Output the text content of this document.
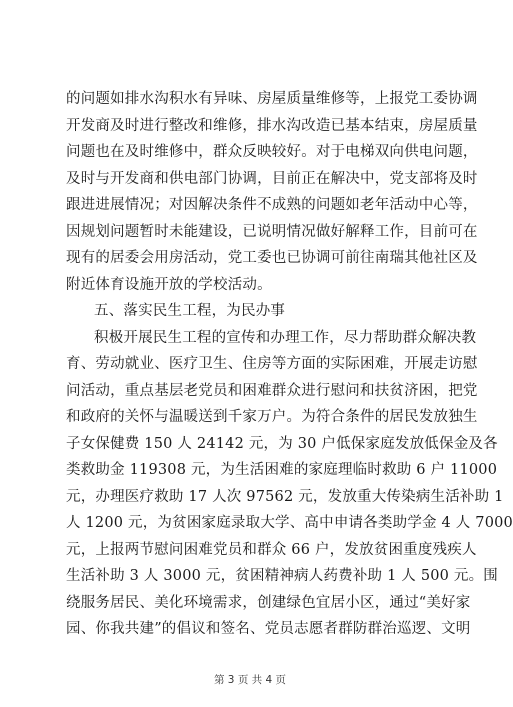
的问题如排水沟积水有异味、房屋质量维修等，上报党工委协调
开发商及时进行整改和维修，排水沟改造已基本结束，房屋质量
问题也在及时维修中，群众反映较好。对于电梯双向供电问题，
及时与开发商和供电部门协调，目前正在解决中，党支部将及时
跟进进展情况；对因解决条件不成熟的问题如老年活动中心等，
因规划问题暂时未能建设，已说明情况做好解释工作，目前可在
现有的居委会用房活动，党工委也已协调可前往南瑞其他社区及
附近体育设施开放的学校活动。
五、落实民生工程，为民办事
积极开展民生工程的宣传和办理工作，尽力帮助群众解决教
育、劳动就业、医疗卫生、住房等方面的实际困难，开展走访慰
问活动，重点基层老党员和困难群众进行慰问和扶贫济困，把党
和政府的关怀与温暖送到千家万户。为符合条件的居民发放独生
子女保健费 150 人 24142 元，为 30 户低保家庭发放低保金及各
类救助金 119308 元，为生活困难的家庭理临时救助 6 户 11000
元，办理医疗救助 17 人次 97562 元，发放重大传染病生活补助 1
人 1200 元，为贫困家庭录取大学、高中申请各类助学金 4 人 7000
元，上报两节慰问困难党员和群众 66 户，发放贫困重度残疾人
生活补助 3 人 3000 元，贫困精神病人药费补助 1 人 500 元。围
绕服务居民、美化环境需求，创建绿色宜居小区，通过“美好家
园、你我共建”的倡议和签名、党员志愿者群防群治巡逻、文明
第 3 页 共 4 页
